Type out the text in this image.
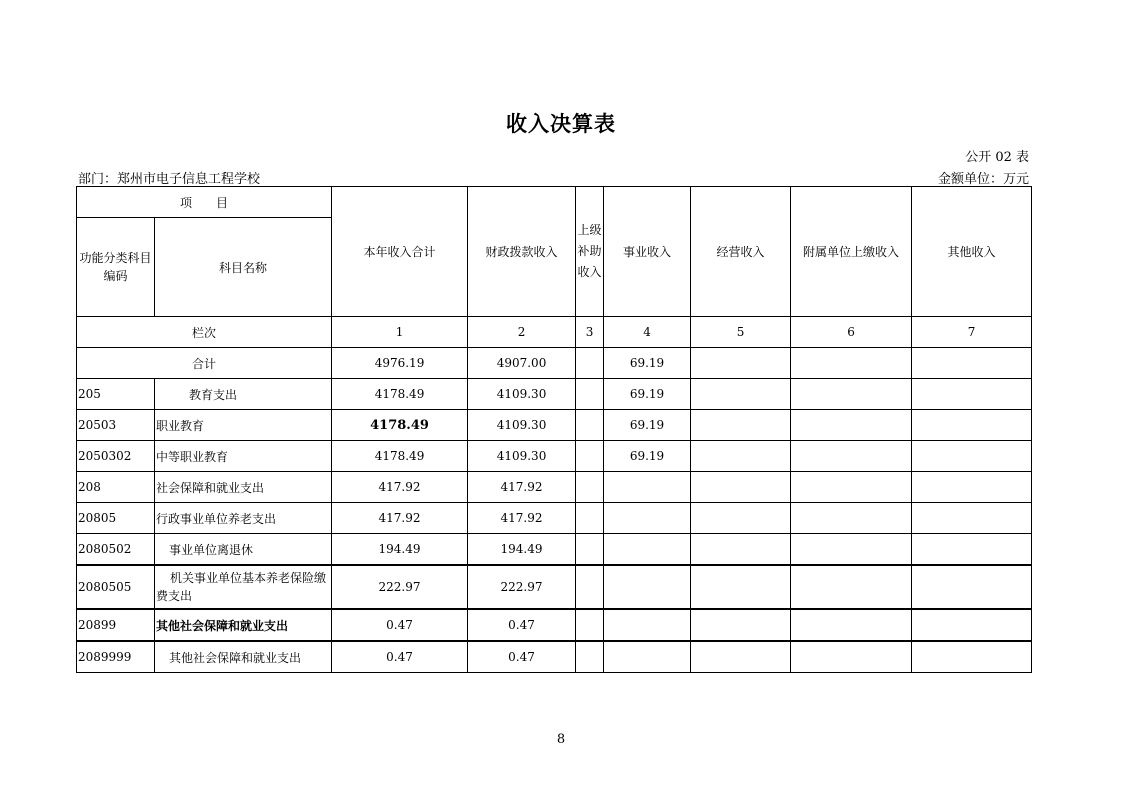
收入决算表
公开 02 表
部门：郑州市电子信息工程学校	金额单位：万元
项　　目		本年收入合计	财政拨款收入	上级补助收入	事业收入	经营收入	附属单位上缴收入	其他收入
功能分类科目编码	科目名称							
栏次		1	2	3	4	5	6	7
合计		4976.19	4907.00		69.19			
205	教育支出	4178.49	4109.30		69.19			
20503	职业教育	4178.49	4109.30		69.19			
2050302	中等职业教育	4178.49	4109.30		69.19			
208	社会保障和就业支出	417.92	417.92					
20805	行政事业单位养老支出	417.92	417.92					
2080502	事业单位离退休	194.49	194.49					
2080505	机关事业单位基本养老保险缴费支出	222.97	222.97					
20899	其他社会保障和就业支出	0.47	0.47					
2089999	其他社会保障和就业支出	0.47	0.47					
8
